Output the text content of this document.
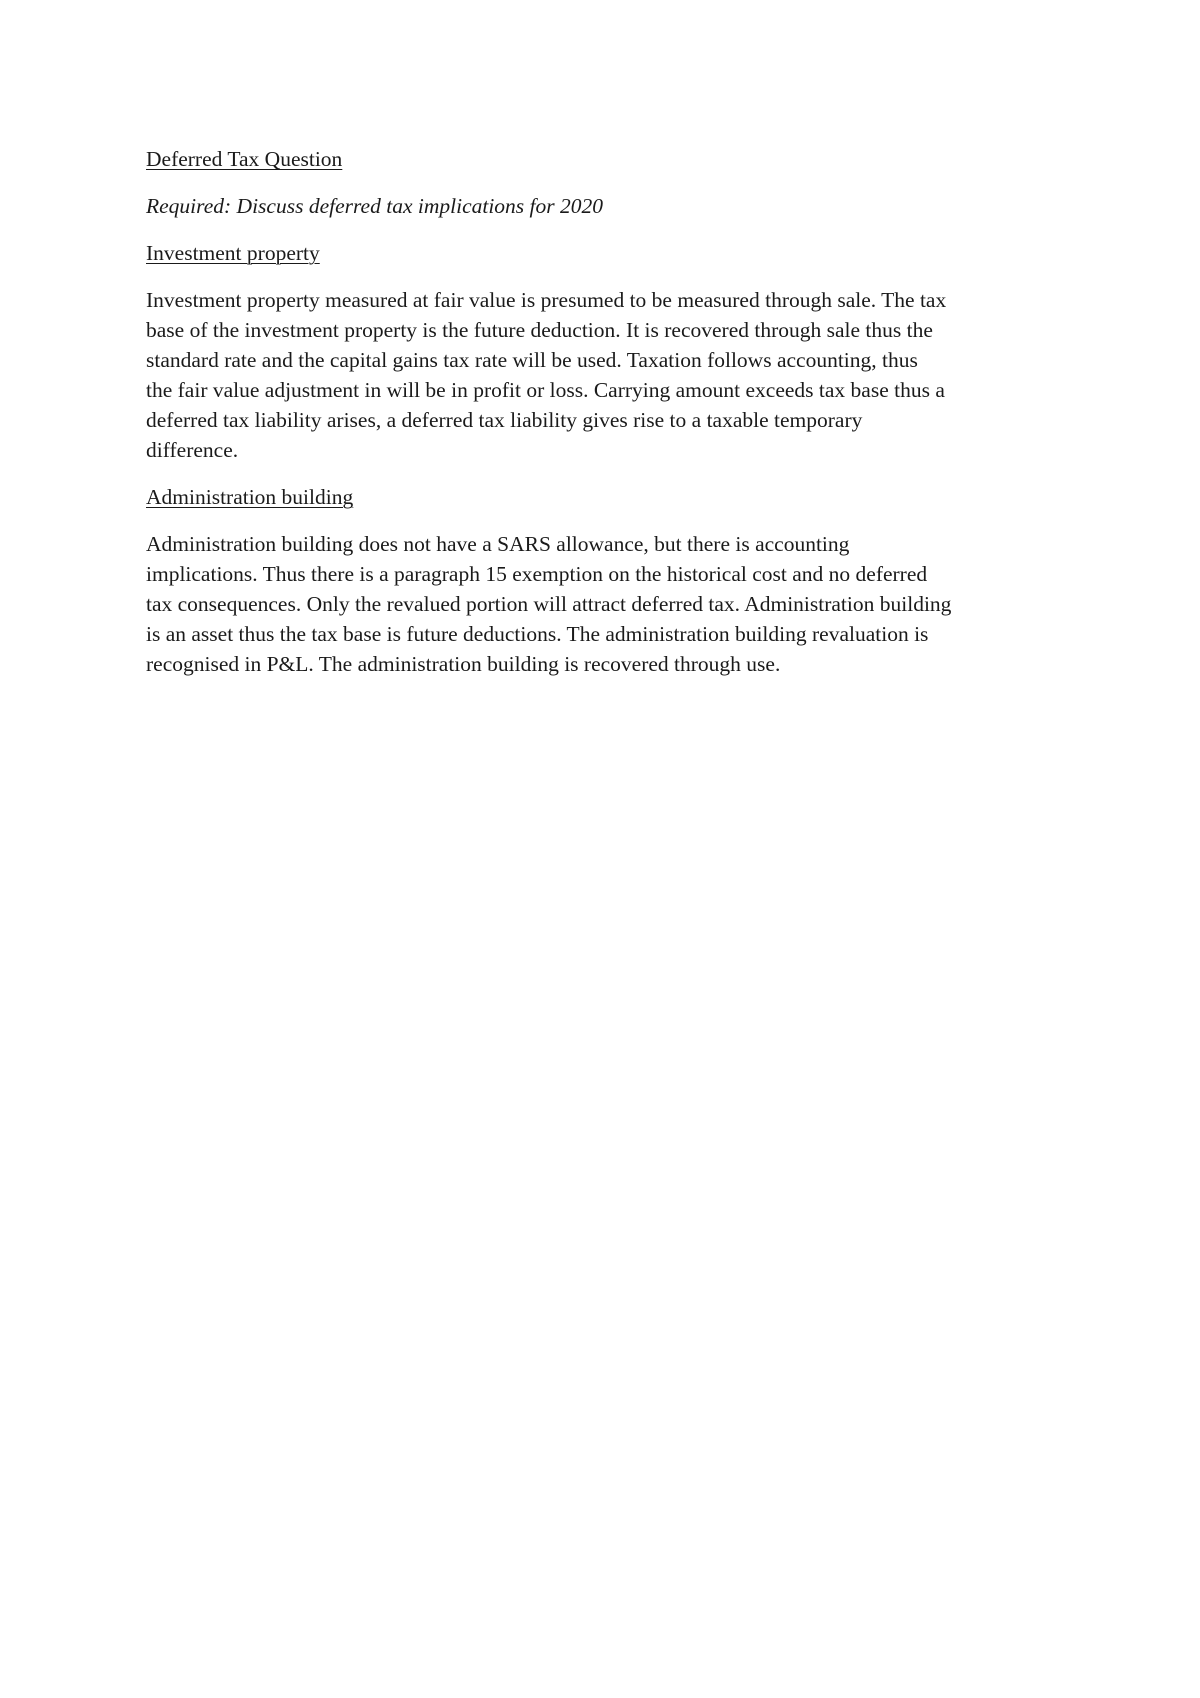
Deferred Tax Question

Required: Discuss deferred tax implications for 2020

Investment property

Investment property measured at fair value is presumed to be measured through sale. The tax

base of the investment property is the future deduction. It is recovered through sale thus the

standard rate and the capital gains tax rate will be used. Taxation follows accounting, thus

the fair value adjustment in will be in profit or loss. Carrying amount exceeds tax base thus a

deferred tax liability arises, a deferred tax liability gives rise to a taxable temporary

difference.

Administration building

Administration building does not have a SARS allowance, but there is accounting

implications. Thus there is a paragraph 15 exemption on the historical cost and no deferred

tax consequences. Only the revalued portion will attract deferred tax. Administration building

is an asset thus the tax base is future deductions. The administration building revaluation is

recognised in P&L. The administration building is recovered through use.
